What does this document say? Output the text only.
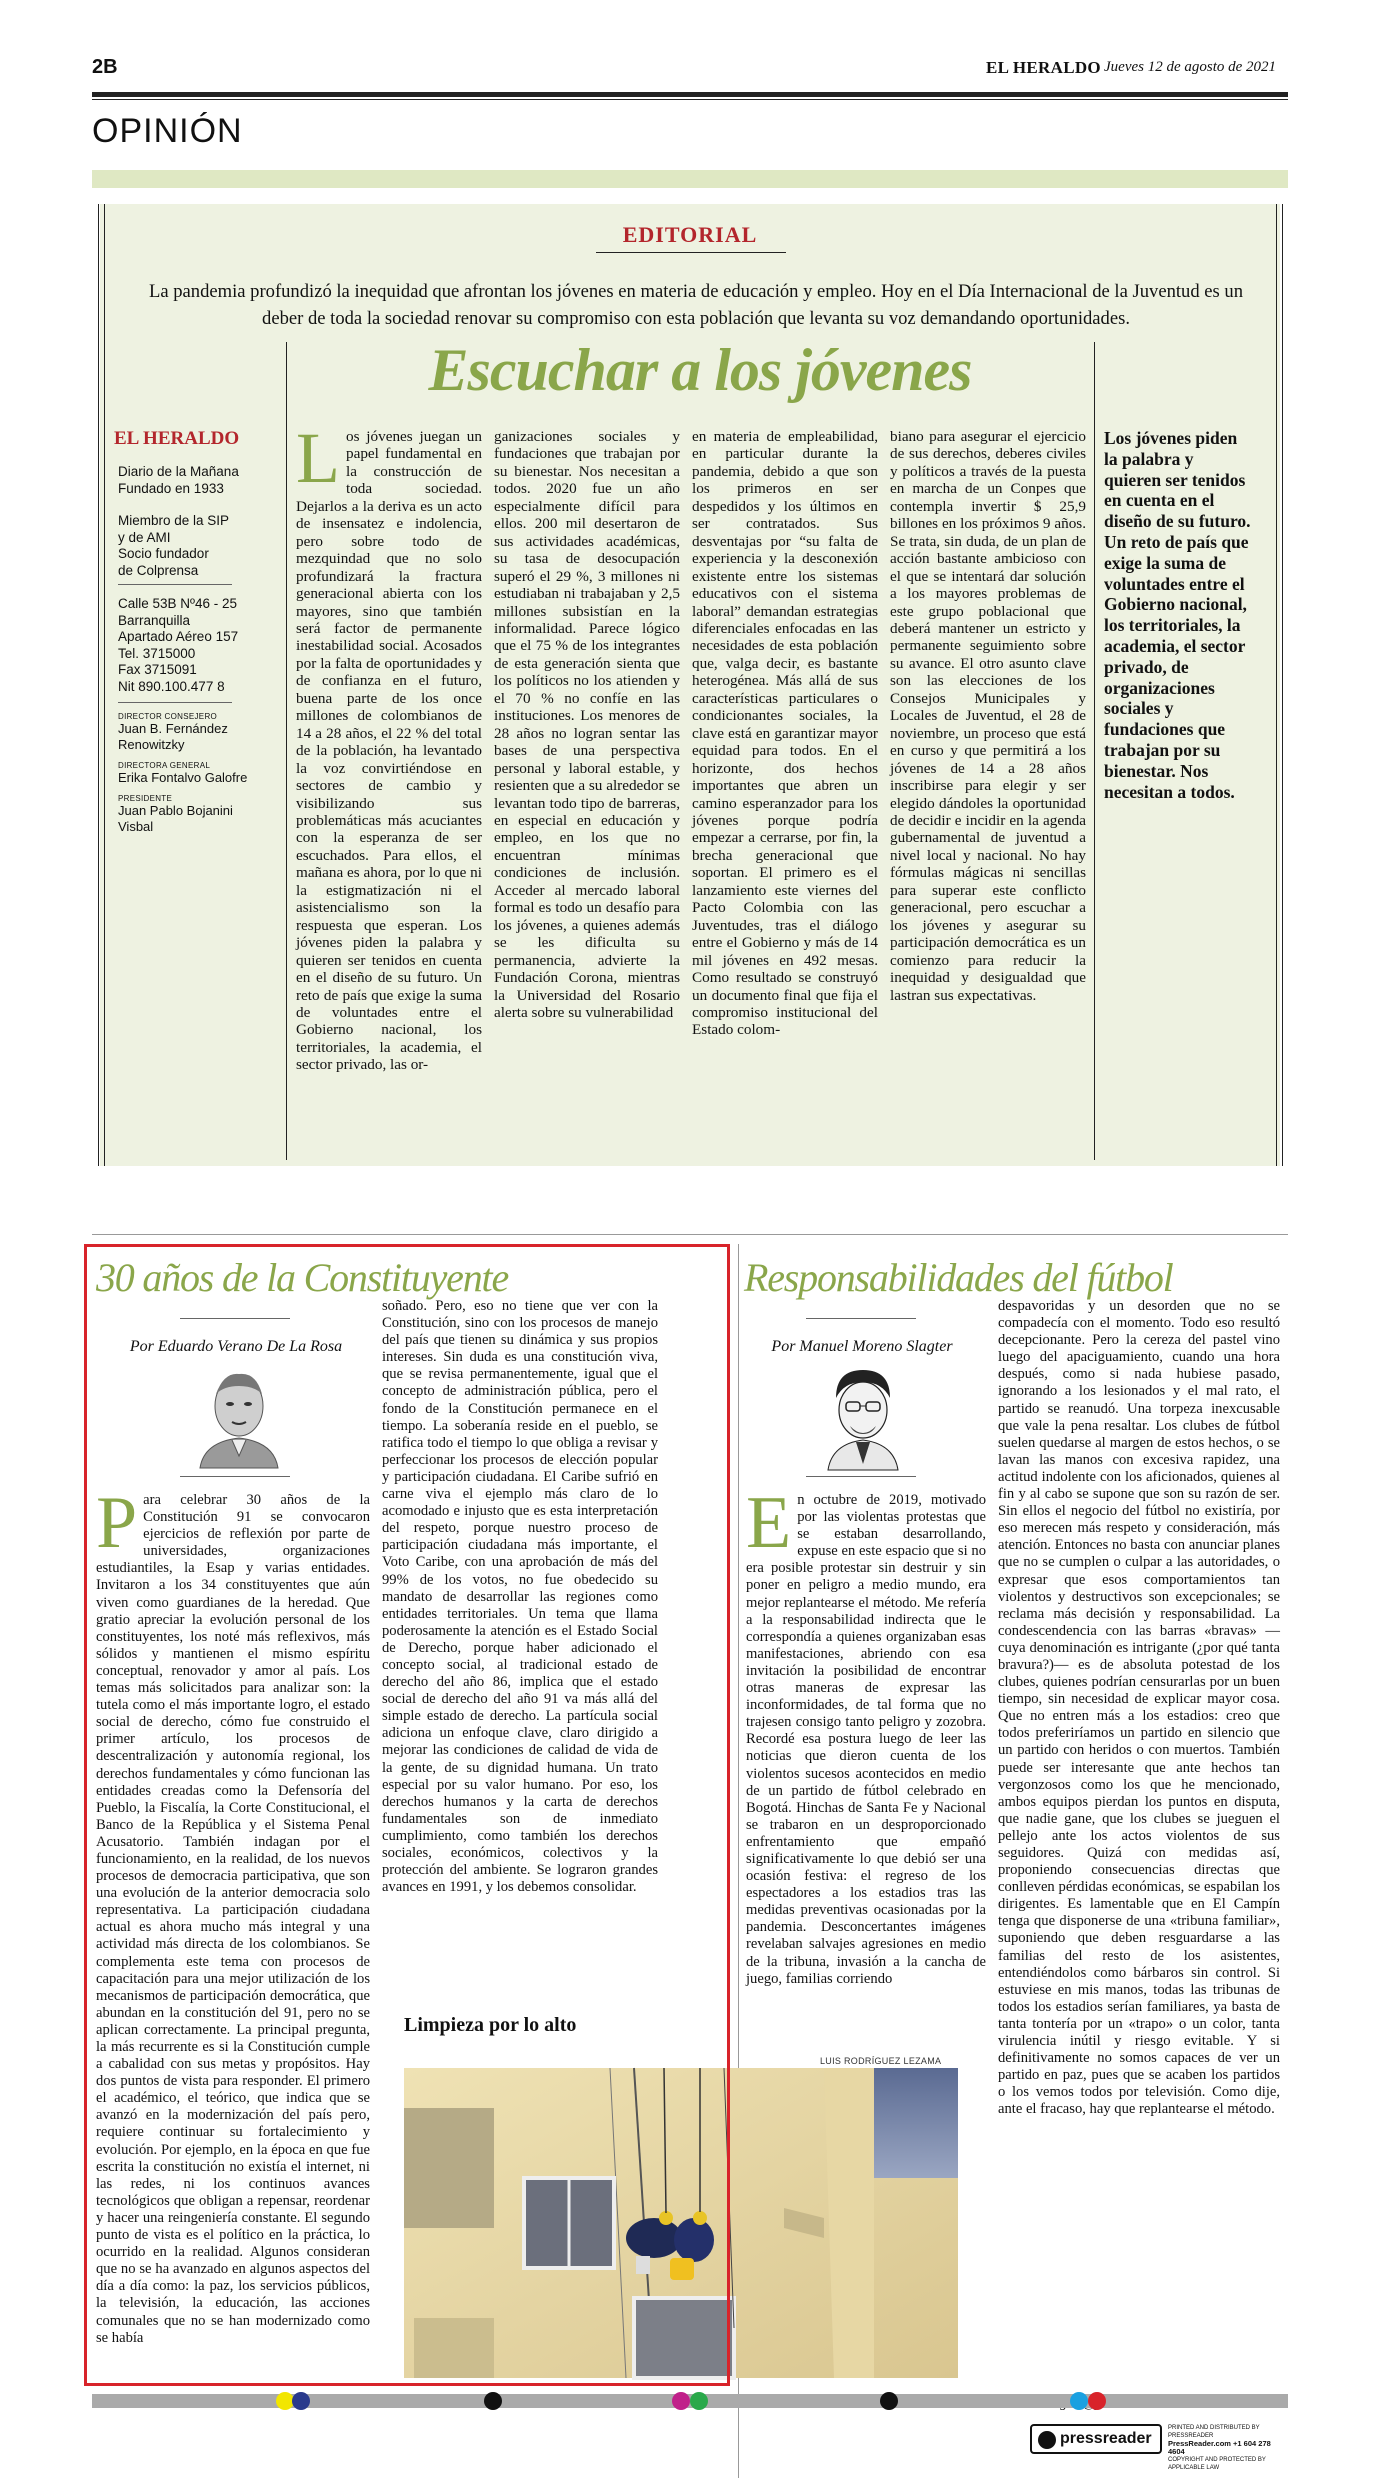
2B	EL HERALDO Jueves 12 de agosto de 2021
OPINIÓN
EDITORIAL
La pandemia profundizó la inequidad que afrontan los jóvenes en materia de educación y empleo. Hoy en el Día Internacional de la Juventud es un deber de toda la sociedad renovar su compromiso con esta población que levanta su voz demandando oportunidades.
Escuchar a los jóvenes
EL HERALDO
Diario de la Mañana
Fundado en 1933
Miembro de la SIP
y de AMI
Socio fundador
de Colprensa
Calle 53B Nº46 - 25
Barranquilla
Apartado Aéreo 157
Tel. 3715000
Fax 3715091
Nit 890.100.477 8
DIRECTOR CONSEJERO
Juan B. Fernández Renowitzky
DIRECTORA GENERAL
Erika Fontalvo Galofre
PRESIDENTE
Juan Pablo Bojanini Visbal
Los jóvenes juegan un papel fundamental en la construcción de toda sociedad. Dejarlos a la deriva es un acto de insensatez e indolencia, pero sobre todo de mezquindad que no solo profundizará la fractura generacional abierta con los mayores, sino que también será factor de permanente inestabilidad social. Acosados por la falta de oportunidades y de confianza en el futuro, buena parte de los once millones de colombianos de 14 a 28 años, el 22 % del total de la población, ha levantado la voz convirtiéndose en sectores de cambio y visibilizando sus problemáticas más acuciantes con la esperanza de ser escuchados. Para ellos, el mañana es ahora, por lo que ni la estigmatización ni el asistencialismo son la respuesta que esperan. Los jóvenes piden la palabra y quieren ser tenidos en cuenta en el diseño de su futuro. Un reto de país que exige la suma de voluntades entre el Gobierno nacional, los territoriales, la academia, el sector privado, las or-
ganizaciones sociales y fundaciones que trabajan por su bienestar. Nos necesitan a todos. 2020 fue un año especialmente difícil para ellos. 200 mil desertaron de sus actividades académicas, su tasa de desocupación superó el 29 %, 3 millones ni estudiaban ni trabajaban y 2,5 millones subsistían en la informalidad. Parece lógico que el 75 % de los integrantes de esta generación sienta que los políticos no los atienden y el 70 % no confíe en las instituciones. Los menores de 28 años no logran sentar las bases de una perspectiva personal y laboral estable, y resienten que a su alrededor se levantan todo tipo de barreras, en especial en educación y empleo, en los que no encuentran mínimas condiciones de inclusión. Acceder al mercado laboral formal es todo un desafío para los jóvenes, a quienes además se les dificulta su permanencia, advierte la Fundación Corona, mientras la Universidad del Rosario alerta sobre su vulnerabilidad
en materia de empleabilidad, en particular durante la pandemia, debido a que son los primeros en ser despedidos y los últimos en ser contratados. Sus desventajas por “su falta de experiencia y la desconexión existente entre los sistemas educativos con el sistema laboral” demandan estrategias diferenciales enfocadas en las necesidades de esta población que, valga decir, es bastante heterogénea. Más allá de sus características particulares o condicionantes sociales, la clave está en garantizar mayor equidad para todos. En el horizonte, dos hechos importantes que abren un camino esperanzador para los jóvenes porque podría empezar a cerrarse, por fin, la brecha generacional que soportan. El primero es el lanzamiento este viernes del Pacto Colombia con las Juventudes, tras el diálogo entre el Gobierno y más de 14 mil jóvenes en 492 mesas. Como resultado se construyó un documento final que fija el compromiso institucional del Estado colom-
biano para asegurar el ejercicio de sus derechos, deberes civiles y políticos a través de la puesta en marcha de un Conpes que contempla invertir $ 25,9 billones en los próximos 9 años. Se trata, sin duda, de un plan de acción bastante ambicioso con el que se intentará dar solución a los mayores problemas de este grupo poblacional que deberá mantener un estricto y permanente seguimiento sobre su avance. El otro asunto clave son las elecciones de los Consejos Municipales y Locales de Juventud, el 28 de noviembre, un proceso que está en curso y que permitirá a los jóvenes de 14 a 28 años inscribirse para elegir y ser elegido dándoles la oportunidad de decidir e incidir en la agenda gubernamental de juventud a nivel local y nacional. No hay fórmulas mágicas ni sencillas para superar este conflicto generacional, pero escuchar a los jóvenes y asegurar su participación democrática es un comienzo para reducir la inequidad y desigualdad que lastran sus expectativas.
Los jóvenes piden la palabra y quieren ser tenidos en cuenta en el diseño de su futuro. Un reto de país que exige la suma de voluntades entre el Gobierno nacional, los territoriales, la academia, el sector privado, de organizaciones sociales y fundaciones que trabajan por su bienestar. Nos necesitan a todos.
30 años de la Constituyente
Por Eduardo Verano De La Rosa
Para celebrar 30 años de la Constitución 91 se convocaron ejercicios de reflexión por parte de universidades, organizaciones estudiantiles, la Esap y varias entidades. Invitaron a los 34 constituyentes que aún viven como guardianes de la heredad. Que gratio apreciar la evolución personal de los constituyentes, los noté más reflexivos, más sólidos y mantienen el mismo espíritu conceptual, renovador y amor al país. Los temas más solicitados para analizar son: la tutela como el más importante logro, el estado social de derecho, cómo fue construido el primer artículo, los procesos de descentralización y autonomía regional, los derechos fundamentales y cómo funcionan las entidades creadas como la Defensoría del Pueblo, la Fiscalía, la Corte Constitucional, el Banco de la República y el Sistema Penal Acusatorio. También indagan por el funcionamiento, en la realidad, de los nuevos procesos de democracia participativa, que son una evolución de la anterior democracia solo representativa. La participación ciudadana actual es ahora mucho más integral y una actividad más directa de los colombianos. Se complementa este tema con procesos de capacitación para una mejor utilización de los mecanismos de participación democrática, que abundan en la constitución del 91, pero no se aplican correctamente. La principal pregunta, la más recurrente es si la Constitución cumple a cabalidad con sus metas y propósitos. Hay dos puntos de vista para responder. El primero el académico, el teórico, que indica que se avanzó en la modernización del país pero, requiere continuar su fortalecimiento y evolución. Por ejemplo, en la época en que fue escrita la constitución no existía el internet, ni las redes, ni los continuos avances tecnológicos que obligan a repensar, reordenar y hacer una reingeniería constante. El segundo punto de vista es el político en la práctica, lo ocurrido en la realidad. Algunos consideran que no se ha avanzado en algunos aspectos del día a día como: la paz, los servicios públicos, la televisión, la educación, las acciones comunales que no se han modernizado como se había
soñado. Pero, eso no tiene que ver con la Constitución, sino con los procesos de manejo del país que tienen su dinámica y sus propios intereses. Sin duda es una constitución viva, que se revisa permanentemente, igual que el concepto de administración pública, pero el fondo de la Constitución permanece en el tiempo. La soberanía reside en el pueblo, se ratifica todo el tiempo lo que obliga a revisar y perfeccionar los procesos de elección popular y participación ciudadana. El Caribe sufrió en carne viva el ejemplo más claro de lo acomodado e injusto que es esta interpretación del respeto, porque nuestro proceso de participación ciudadana más importante, el Voto Caribe, con una aprobación de más del 99% de los votos, no fue obedecido su mandato de desarrollar las regiones como entidades territoriales. Un tema que llama poderosamente la atención es el Estado Social de Derecho, porque haber adicionado el concepto social, al tradicional estado de derecho del año 86, implica que el estado social de derecho del año 91 va más allá del simple estado de derecho. La partícula social adiciona un enfoque clave, claro dirigido a mejorar las condiciones de calidad de vida de la gente, de su dignidad humana. Un trato especial por su valor humano. Por eso, los derechos humanos y la carta de derechos fundamentales son de inmediato cumplimiento, como también los derechos sociales, económicos, colectivos y la protección del ambiente. Se lograron grandes avances en 1991, y los debemos consolidar.
Limpieza por lo alto
LUIS RODRÍGUEZ LEZAMA
Responsabilidades del fútbol
Por Manuel Moreno Slagter
En octubre de 2019, motivado por las violentas protestas que se estaban desarrollando, expuse en este espacio que si no era posible protestar sin destruir y sin poner en peligro a medio mundo, era mejor replantearse el método. Me refería a la responsabilidad indirecta que le correspondía a quienes organizaban esas manifestaciones, abriendo con esa invitación la posibilidad de encontrar otras maneras de expresar las inconformidades, de tal forma que no trajesen consigo tanto peligro y zozobra. Recordé esa postura luego de leer las noticias que dieron cuenta de los violentos sucesos acontecidos en medio de un partido de fútbol celebrado en Bogotá. Hinchas de Santa Fe y Nacional se trabaron en un desproporcionado enfrentamiento que empañó significativamente lo que debió ser una ocasión festiva: el regreso de los espectadores a los estadios tras las medidas preventivas ocasionadas por la pandemia. Desconcertantes imágenes revelaban salvajes agresiones en medio de la tribuna, invasión a la cancha de juego, familias corriendo
despavoridas y un desorden que no se compadecía con el momento. Todo eso resultó decepcionante. Pero la cereza del pastel vino luego del apaciguamiento, cuando una hora después, como si nada hubiese pasado, ignorando a los lesionados y el mal rato, el partido se reanudó. Una torpeza inexcusable que vale la pena resaltar. Los clubes de fútbol suelen quedarse al margen de estos hechos, o se lavan las manos con excesiva rapidez, una actitud indolente con los aficionados, quienes al fin y al cabo se supone que son su razón de ser. Sin ellos el negocio del fútbol no existiría, por eso merecen más respeto y consideración, más atención. Entonces no basta con anunciar planes que no se cumplen o culpar a las autoridades, o expresar que esos comportamientos tan violentos y destructivos son excepcionales; se reclama más decisión y responsabilidad. La condescendencia con las barras «bravas» —cuya denominación es intrigante (¿por qué tanta bravura?)— es de absoluta potestad de los clubes, quienes podrían censurarlas por un buen tiempo, sin necesidad de explicar mayor cosa. Que no entren más a los estadios: creo que todos preferiríamos un partido en silencio que un partido con heridos o con muertos. También puede ser interesante que ante hechos tan vergonzosos como los que he mencionado, ambos equipos pierdan los puntos en disputa, que nadie gane, que los clubes se jueguen el pellejo ante los actos violentos de sus seguidores. Quizá con medidas así, proponiendo consecuencias directas que conlleven pérdidas económicas, se espabilan los dirigentes. Es lamentable que en El Campín tenga que disponerse de una «tribuna familiar», suponiendo que deben resguardarse a las familias del resto de los asistentes, entendiéndolos como bárbaros sin control. Si estuviese en mis manos, todas las tribunas de todos los estadios serían familiares, ya basta de tanta tontería por un «trapo» o un color, tanta virulencia inútil y riesgo evitable. Y si definitivamente no somos capaces de ver un partido en paz, pues que se acaben los partidos o los vemos todos por televisión. Como dije, ante el fracaso, hay que replantearse el método.
pressreader
PRINTED AND DISTRIBUTED BY PRESSREADER
PressReader.com +1 604 278 4604
COPYRIGHT AND PROTECTED BY APPLICABLE LAW
